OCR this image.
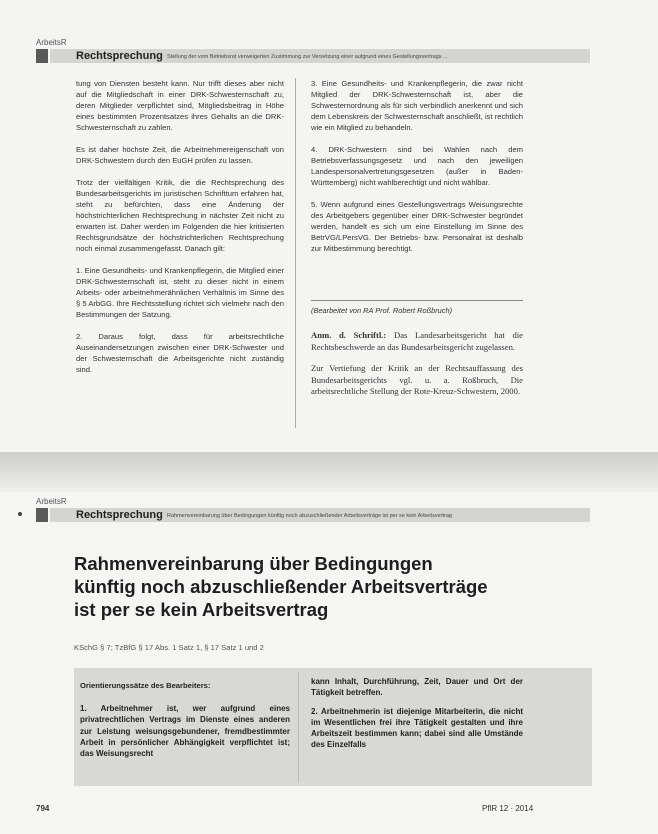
ArbeitsR
Rechtsprechung Stellung der vom Betriebsrat verweigerten Zustimmung zur Versetzung einer aufgrund eines Gestellungsvertrags ...

tung von Diensten besteht kann. Nur trifft dieses aber nicht auf die Mitgliedschaft in einer DRK-Schwesternschaft zu, deren Mitglieder verpflichtet sind, Mitgliedsbeitrag in Höhe eines bestimmten Prozentsatzes ihres Gehalts an die DRK-Schwesternschaft zu zahlen.

Es ist daher höchste Zeit, die Arbeitnehmereigenschaft von DRK-Schwestern durch den EuGH prüfen zu lassen.

Trotz der vielfältigen Kritik, die die Rechtsprechung des Bundesarbeitsgerichts im juristischen Schrifttum erfahren hat, steht zu befürchten, dass eine Änderung der höchstrichterlichen Rechtsprechung in nächster Zeit nicht zu erwarten ist. Daher werden im Folgenden die hier kritisierten Rechtsgrundsätze der höchstrichterlichen Rechtsprechung noch einmal zusammengefasst. Danach gilt:

1. Eine Gesundheits- und Krankenpflegerin, die Mitglied einer DRK-Schwesternschaft ist, steht zu dieser nicht in einem Arbeits- oder arbeitnehmerähnlichen Verhältnis im Sinne des § 5 ArbGG. Ihre Rechtsstellung richtet sich vielmehr nach den Bestimmungen der Satzung.

2. Daraus folgt, dass für arbeitsrechtliche Auseinandersetzungen zwischen einer DRK-Schwester und der Schwesternschaft die Arbeitsgerichte nicht zuständig sind.

3. Eine Gesundheits- und Krankenpflegerin, die zwar nicht Mitglied der DRK-Schwesternschaft ist, aber die Schwesternordnung als für sich verbindlich anerkennt und sich dem Lebenskreis der Schwesternschaft anschließt, ist rechtlich wie ein Mitglied zu behandeln.

4. DRK-Schwestern sind bei Wahlen nach dem Betriebsverfassungsgesetz und nach den jeweiligen Landespersonalvertretungsgesetzen (außer in Baden-Württemberg) nicht wahlberechtigt und nicht wählbar.

5. Wenn aufgrund eines Gestellungsvertrags Weisungsrechte des Arbeitgebers gegenüber einer DRK-Schwester begründet werden, handelt es sich um eine Einstellung im Sinne des BetrVG/LPersVG. Der Betriebs- bzw. Personalrat ist deshalb zur Mitbestimmung berechtigt.

(Bearbeitet von RA Prof. Robert Roßbruch)

Anm. d. Schriftl.: Das Landesarbeitsgericht hat die Rechtsbeschwerde an das Bundesarbeitsgericht zugelassen.

Zur Vertiefung der Kritik an der Rechtsauffassung des Bundesarbeitsgerichts vgl. u. a. Roßbruch, Die arbeitsrechtliche Stellung der Rote-Kreuz-Schwestern, 2000.

ArbeitsR
Rechtsprechung Rahmenvereinbarung über Bedingungen künftig noch abzuschließender Arbeitsverträge ist per se kein Arbeitsvertrag
Rahmenvereinbarung über Bedingungen
künftig noch abzuschließender Arbeitsverträge
ist per se kein Arbeitsvertrag
KSchG § 7; TzBfG § 17 Abs. 1 Satz 1, § 17 Satz 1 und 2
Orientierungssätze des Bearbeiters:

1. Arbeitnehmer ist, wer aufgrund eines privatrechtlichen Vertrags im Dienste eines anderen zur Leistung weisungsgebundener, fremdbestimmter Arbeit in persönlicher Abhängigkeit verpflichtet ist; das Weisungsrecht

kann Inhalt, Durchführung, Zeit, Dauer und Ort der Tätigkeit betreffen.

2. Arbeitnehmerin ist diejenige Mitarbeiterin, die nicht im Wesentlichen frei ihre Tätigkeit gestalten und ihre Arbeitszeit bestimmen kann; dabei sind alle Umstände des Einzelfalls

794	PflR 12 · 2014
